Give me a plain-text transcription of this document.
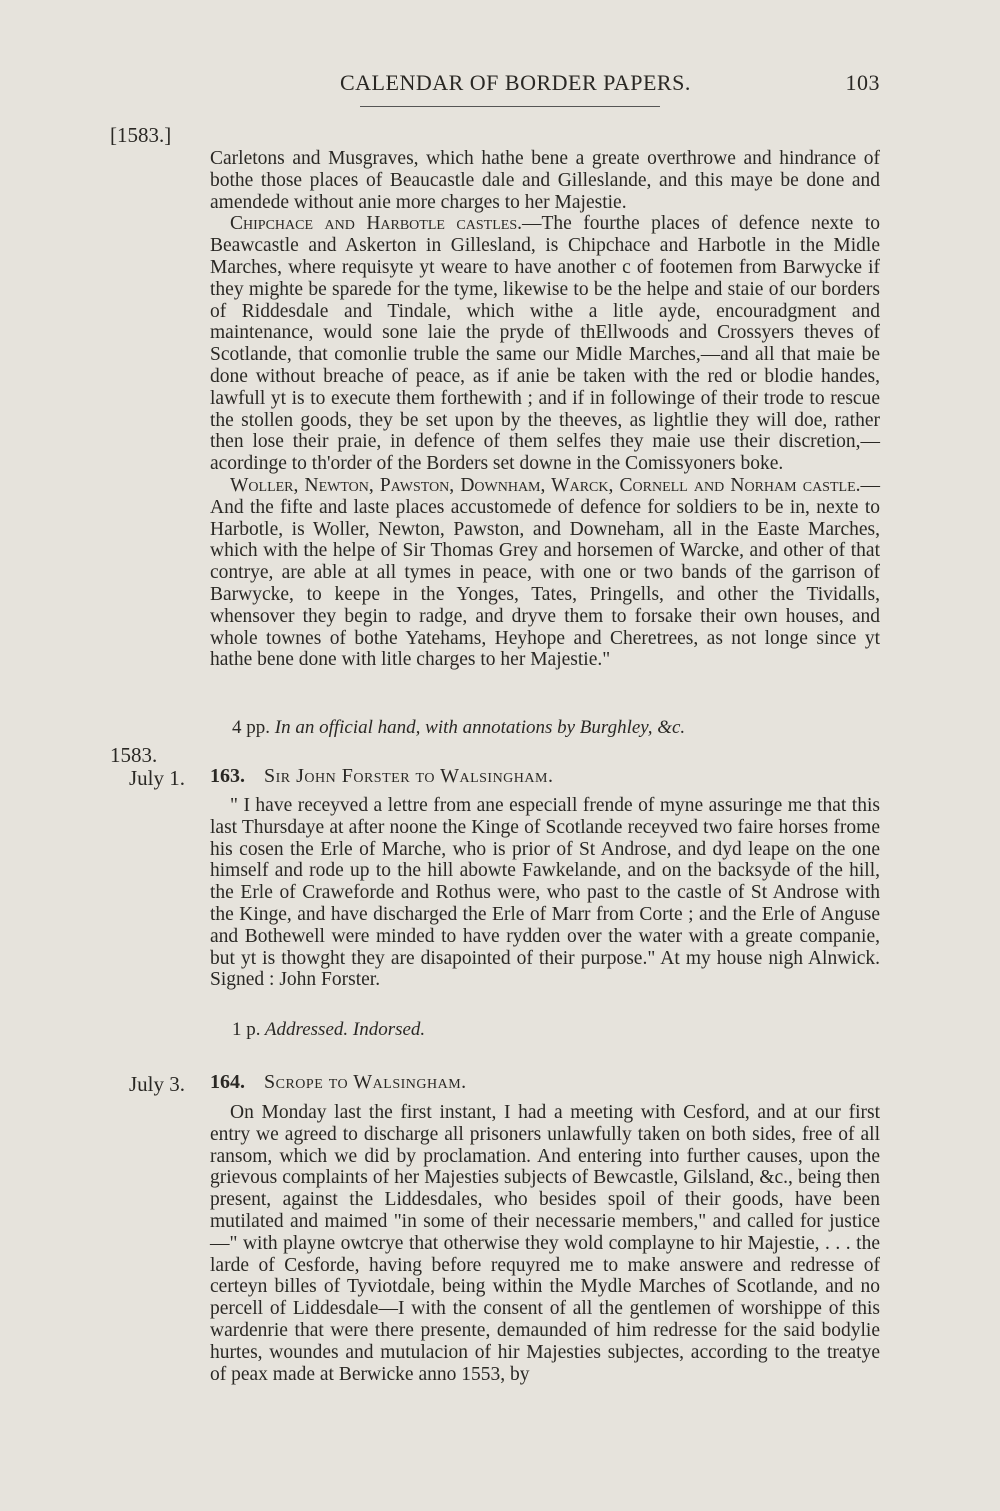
CALENDAR OF BORDER PAPERS.	103
[1583.]

Carletons and Musgraves, which hathe bene a greate overthrowe and hindrance of bothe those places of Beaucastle dale and Gilleslande, and this maye be done and amendede without anie more charges to her Majestie.

Chipchace and Harbotle castles.—The fourthe places of defence nexte to Beawcastle and Askerton in Gillesland, is Chipchace and Harbotle in the Midle Marches, where requisyte yt weare to have another c of footemen from Barwycke if they mighte be sparede for the tyme, likewise to be the helpe and staie of our borders of Riddesdale and Tindale, which withe a litle ayde, encouradgment and maintenance, would sone laie the pryde of thEllwoods and Crossyers theves of Scotlande, that comonlie truble the same our Midle Marches,—and all that maie be done without breache of peace, as if anie be taken with the red or blodie handes, lawfull yt is to execute them forthewith ; and if in followinge of their trode to rescue the stollen goods, they be set upon by the theeves, as lightlie they will doe, rather then lose their praie, in defence of them selfes they maie use their discretion,—acordinge to th'order of the Borders set downe in the Comissyoners boke.

Woller, Newton, Pawston, Downham, Warck, Cornell and Norham castle.—And the fifte and laste places accustomede of defence for soldiers to be in, nexte to Harbotle, is Woller, Newton, Pawston, and Downeham, all in the Easte Marches, which with the helpe of Sir Thomas Grey and horsemen of Warcke, and other of that contrye, are able at all tymes in peace, with one or two bands of the garrison of Barwycke, to keepe in the Yonges, Tates, Pringells, and other the Tividalls, whensover they begin to radge, and dryve them to forsake their own houses, and whole townes of bothe Yatehams, Heyhope and Cheretrees, as not longe since yt hathe bene done with litle charges to her Majestie."

4 pp. In an official hand, with annotations by Burghley, &c.
1583.
July 1. 163. Sir John Forster to Walsingham.

" I have receyved a lettre from ane especiall frende of myne assuringe me that this last Thursdaye at after noone the Kinge of Scotlande receyved two faire horses frome his cosen the Erle of Marche, who is prior of St Androse, and dyd leape on the one himself and rode up to the hill abowte Fawkelande, and on the backsyde of the hill, the Erle of Craweforde and Rothus were, who past to the castle of St Androse with the Kinge, and have discharged the Erle of Marr from Corte ; and the Erle of Anguse and Bothewell were minded to have rydden over the water with a greate companie, but yt is thowght they are disapointed of their purpose." At my house nigh Alnwick. Signed : John Forster.

1 p. Addressed. Indorsed.
July 3. 164. Scrope to Walsingham.

On Monday last the first instant, I had a meeting with Cesford, and at our first entry we agreed to discharge all prisoners unlawfully taken on both sides, free of all ransom, which we did by proclamation. And entering into further causes, upon the grievous complaints of her Majesties subjects of Bewcastle, Gilsland, &c., being then present, against the Liddesdales, who besides spoil of their goods, have been mutilated and maimed "in some of their necessarie members," and called for justice—" with playne owtcrye that otherwise they wold complayne to hir Majestie, . . . the larde of Cesforde, having before requyred me to make answere and redresse of certeyn billes of Tyviotdale, being within the Mydle Marches of Scotlande, and no percell of Liddesdale—I with the consent of all the gentlemen of worshippe of this wardenrie that were there presente, demaunded of him redresse for the said bodylie hurtes, woundes and mutulacion of hir Majesties subjectes, according to the treatye of peax made at Berwicke anno 1553, by
